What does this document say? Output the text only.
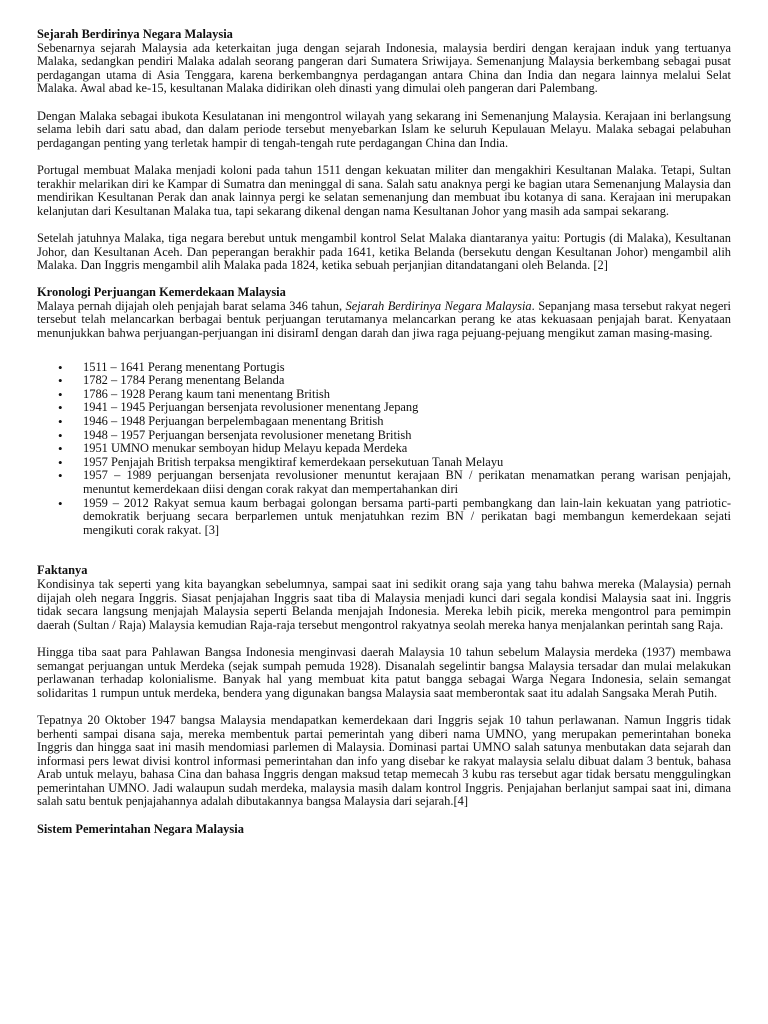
Sejarah Berdirinya Negara Malaysia

Sebenarnya sejarah Malaysia ada keterkaitan juga dengan sejarah Indonesia, malaysia berdiri dengan kerajaan induk yang tertuanya Malaka, sedangkan pendiri Malaka adalah seorang pangeran dari Sumatera Sriwijaya. Semenanjung Malaysia berkembang sebagai pusat perdagangan utama di Asia Tenggara, karena berkembangnya perdagangan antara China dan India dan negara lainnya melalui Selat Malaka. Awal abad ke-15, kesultanan Malaka didirikan oleh dinasti yang dimulai oleh pangeran dari Palembang.

Dengan Malaka sebagai ibukota Kesulatanan ini mengontrol wilayah yang sekarang ini Semenanjung Malaysia. Kerajaan ini berlangsung selama lebih dari satu abad, dan dalam periode tersebut menyebarkan Islam ke seluruh Kepulauan Melayu. Malaka sebagai pelabuhan perdagangan penting yang terletak hampir di tengah-tengah rute perdagangan China dan India.

Portugal membuat Malaka menjadi koloni pada tahun 1511 dengan kekuatan militer dan mengakhiri Kesultanan Malaka. Tetapi, Sultan terakhir melarikan diri ke Kampar di Sumatra dan meninggal di sana. Salah satu anaknya pergi ke bagian utara Semenanjung Malaysia dan mendirikan Kesultanan Perak dan anak lainnya pergi ke selatan semenanjung dan membuat ibu kotanya di sana. Kerajaan ini merupakan kelanjutan dari Kesultanan Malaka tua, tapi sekarang dikenal dengan nama Kesultanan Johor yang masih ada sampai sekarang.

Setelah jatuhnya Malaka, tiga negara berebut untuk mengambil kontrol Selat Malaka diantaranya yaitu: Portugis (di Malaka), Kesultanan Johor, dan Kesultanan Aceh. Dan peperangan berakhir pada 1641, ketika Belanda (bersekutu dengan Kesultanan Johor) mengambil alih Malaka. Dan Inggris mengambil alih Malaka pada 1824, ketika sebuah perjanjian ditandatangani oleh Belanda. [2]

Kronologi Perjuangan Kemerdekaan Malaysia

Malaya pernah dijajah oleh penjajah barat selama 346 tahun, Sejarah Berdirinya Negara Malaysia. Sepanjang masa tersebut rakyat negeri tersebut telah melancarkan berbagai bentuk perjuangan terutamanya melancarkan perang ke atas kekuasaan penjajah barat. Kenyataan menunjukkan bahwa perjuangan-perjuangan ini disiramI dengan darah dan jiwa raga pejuang-pejuang mengikut zaman masing-masing.

• 1511 – 1641 Perang menentang Portugis
• 1782 – 1784 Perang menentang Belanda
• 1786 – 1928 Perang kaum tani menentang British
• 1941 – 1945 Perjuangan bersenjata revolusioner menentang Jepang
• 1946 – 1948 Perjuangan berpelembagaan menentang British
• 1948 – 1957 Perjuangan bersenjata revolusioner menetang British
• 1951 UMNO menukar semboyan hidup Melayu kepada Merdeka
• 1957 Penjajah British terpaksa mengiktiraf kemerdekaan persekutuan Tanah Melayu
• 1957 – 1989 perjuangan bersenjata revolusioner menuntut kerajaan BN / perikatan menamatkan perang warisan penjajah, menuntut kemerdekaan diisi dengan corak rakyat dan mempertahankan diri
• 1959 – 2012 Rakyat semua kaum berbagai golongan bersama parti-parti pembangkang dan lain-lain kekuatan yang patriotic-demokratik berjuang secara berparlemen untuk menjatuhkan rezim BN / perikatan bagi membangun kemerdekaan sejati mengikuti corak rakyat. [3]
Faktanya

Kondisinya tak seperti yang kita bayangkan sebelumnya, sampai saat ini sedikit orang saja yang tahu bahwa mereka (Malaysia) pernah dijajah oleh negara Inggris. Siasat penjajahan Inggris saat tiba di Malaysia menjadi kunci dari segala kondisi Malaysia saat ini. Inggris tidak secara langsung menjajah Malaysia seperti Belanda menjajah Indonesia. Mereka lebih picik, mereka mengontrol para pemimpin daerah (Sultan / Raja) Malaysia kemudian Raja-raja tersebut mengontrol rakyatnya seolah mereka hanya menjalankan perintah sang Raja.

Hingga tiba saat para Pahlawan Bangsa Indonesia menginvasi daerah Malaysia 10 tahun sebelum Malaysia merdeka (1937) membawa semangat perjuangan untuk Merdeka (sejak sumpah pemuda 1928). Disanalah segelintir bangsa Malaysia tersadar dan mulai melakukan perlawanan terhadap kolonialisme. Banyak hal yang membuat kita patut bangga sebagai Warga Negara Indonesia, selain semangat solidaritas 1 rumpun untuk merdeka, bendera yang digunakan bangsa Malaysia saat memberontak saat itu adalah Sangsaka Merah Putih.

Tepatnya 20 Oktober 1947 bangsa Malaysia mendapatkan kemerdekaan dari Inggris sejak 10 tahun perlawanan. Namun Inggris tidak berhenti sampai disana saja, mereka membentuk partai pemerintah yang diberi nama UMNO, yang merupakan pemerintahan boneka Inggris dan hingga saat ini masih mendomiasi parlemen di Malaysia. Dominasi partai UMNO salah satunya menbutakan data sejarah dan informasi pers lewat divisi kontrol informasi pemerintahan dan info yang disebar ke rakyat malaysia selalu dibuat dalam 3 bentuk, bahasa Arab untuk melayu, bahasa Cina dan bahasa Inggris dengan maksud tetap memecah 3 kubu ras tersebut agar tidak bersatu menggulingkan pemerintahan UMNO. Jadi walaupun sudah merdeka, malaysia masih dalam kontrol Inggris. Penjajahan berlanjut sampai saat ini, dimana salah satu bentuk penjajahannya adalah dibutakannya bangsa Malaysia dari sejarah.[4]

Sistem Pemerintahan Negara Malaysia
